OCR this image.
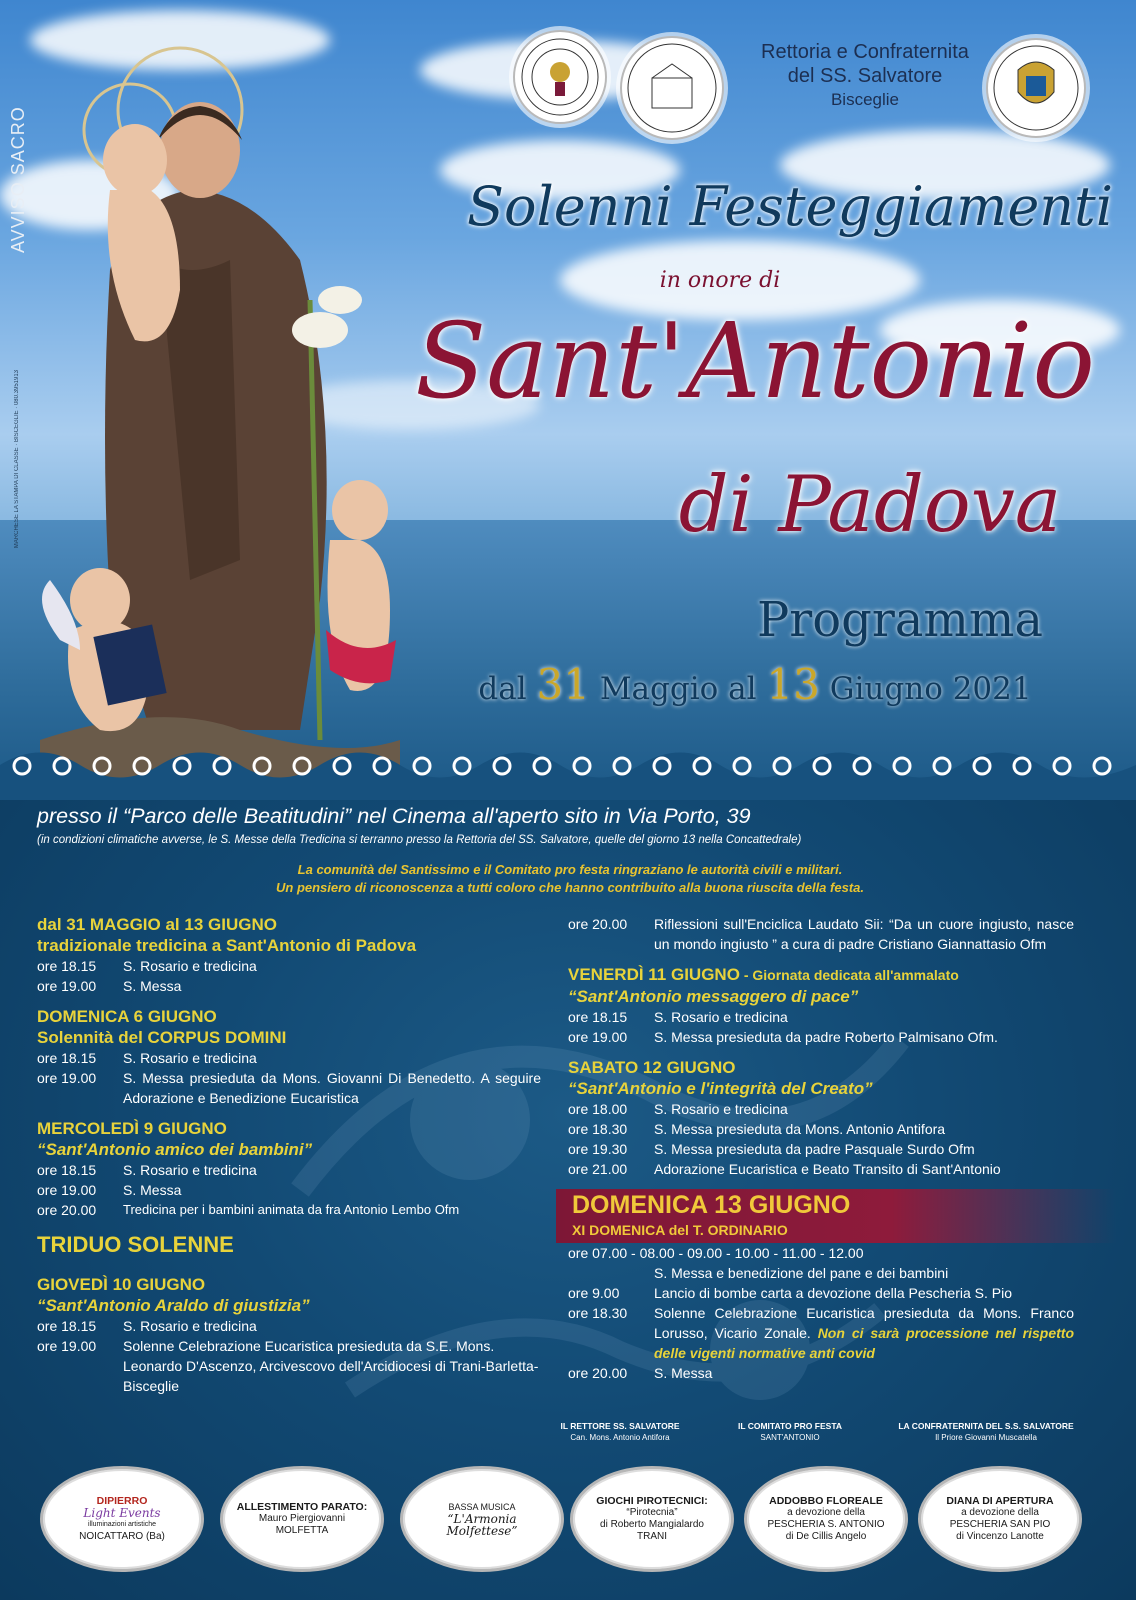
AVVISO SACRO
MARCHESE LA STAMPA DI CLASSE · BISCEGLIE · 080.3951913
Rettoria e Confraternita
del SS. Salvatore
Bisceglie
Solenni Festeggiamenti
in onore di
Sant'Antonio
di Padova
Programma
dal 31 Maggio al 13 Giugno 2021
presso il “Parco delle Beatitudini” nel Cinema all'aperto sito in Via Porto, 39
(in condizioni climatiche avverse, le S. Messe della Tredicina si terranno presso la Rettoria del SS. Salvatore, quelle del giorno 13 nella Concattedrale)
La comunità del Santissimo e il Comitato pro festa ringraziano le autorità civili e militari.
Un pensiero di riconoscenza a tutti coloro che hanno contribuito alla buona riuscita della festa.
dal 31 MAGGIO al 13 GIUGNO
tradizionale tredicina a Sant'Antonio di Padova
ore 18.15	S. Rosario e tredicina
ore 19.00	S. Messa
DOMENICA 6 GIUGNO
Solennità del CORPUS DOMINI
ore 18.15	S. Rosario e tredicina
ore 19.00	S. Messa presieduta da Mons. Giovanni Di Benedetto. A seguire Adorazione e Benedizione Eucaristica
MERCOLEDÌ 9 GIUGNO
“Sant'Antonio amico dei bambini”
ore 18.15	S. Rosario e tredicina
ore 19.00	S. Messa
ore 20.00	Tredicina per i bambini animata da fra Antonio Lembo Ofm
TRIDUO SOLENNE
GIOVEDÌ 10 GIUGNO
“Sant'Antonio Araldo di giustizia”
ore 18.15	S. Rosario e tredicina
ore 19.00	Solenne Celebrazione Eucaristica presieduta da S.E. Mons. Leonardo D'Ascenzo, Arcivescovo dell'Arcidiocesi di Trani-Barletta-Bisceglie
ore 20.00	Riflessioni sull'Enciclica Laudato Sii: “Da un cuore ingiusto, nasce un mondo ingiusto ” a cura di padre Cristiano Giannattasio Ofm
VENERDÌ 11 GIUGNO - Giornata dedicata all'ammalato
“Sant'Antonio messaggero di pace”
ore 18.15	S. Rosario e tredicina
ore 19.00	S. Messa presieduta da padre Roberto Palmisano Ofm.
SABATO 12 GIUGNO
“Sant'Antonio e l'integrità del Creato”
ore 18.00	S. Rosario e tredicina
ore 18.30	S. Messa presieduta da Mons. Antonio Antifora
ore 19.30	S. Messa presieduta da padre Pasquale Surdo Ofm
ore 21.00	Adorazione Eucaristica e Beato Transito di Sant'Antonio
DOMENICA 13 GIUGNO
XI DOMENICA del T. ORDINARIO
ore 07.00 - 08.00 - 09.00 - 10.00 - 11.00 - 12.00
S. Messa e benedizione del pane e dei bambini
ore 9.00	Lancio di bombe carta a devozione della Pescheria S. Pio
ore 18.30	Solenne Celebrazione Eucaristica presieduta da Mons. Franco Lorusso, Vicario Zonale. Non ci sarà processione nel rispetto delle vigenti normative anti covid
ore 20.00	S. Messa
IL RETTORE SS. SALVATORE
Can. Mons. Antonio Antifora
IL COMITATO PRO FESTA
SANT'ANTONIO
LA CONFRATERNITA DEL S.S. SALVATORE
Il Priore Giovanni Muscatella
DIPIERRO
Light Events
illuminazioni artistiche
NOICATTARO (Ba)
ALLESTIMENTO PARATO:
Mauro Piergiovanni
MOLFETTA
BASSA MUSICA
“L'Armonia
Molfettese”
GIOCHI PIROTECNICI:
“Pirotecnia”
di Roberto Mangialardo
TRANI
ADDOBBO FLOREALE
a devozione della
PESCHERIA S. ANTONIO
di De Cillis Angelo
DIANA DI APERTURA
a devozione della
PESCHERIA SAN PIO
di Vincenzo Lanotte
